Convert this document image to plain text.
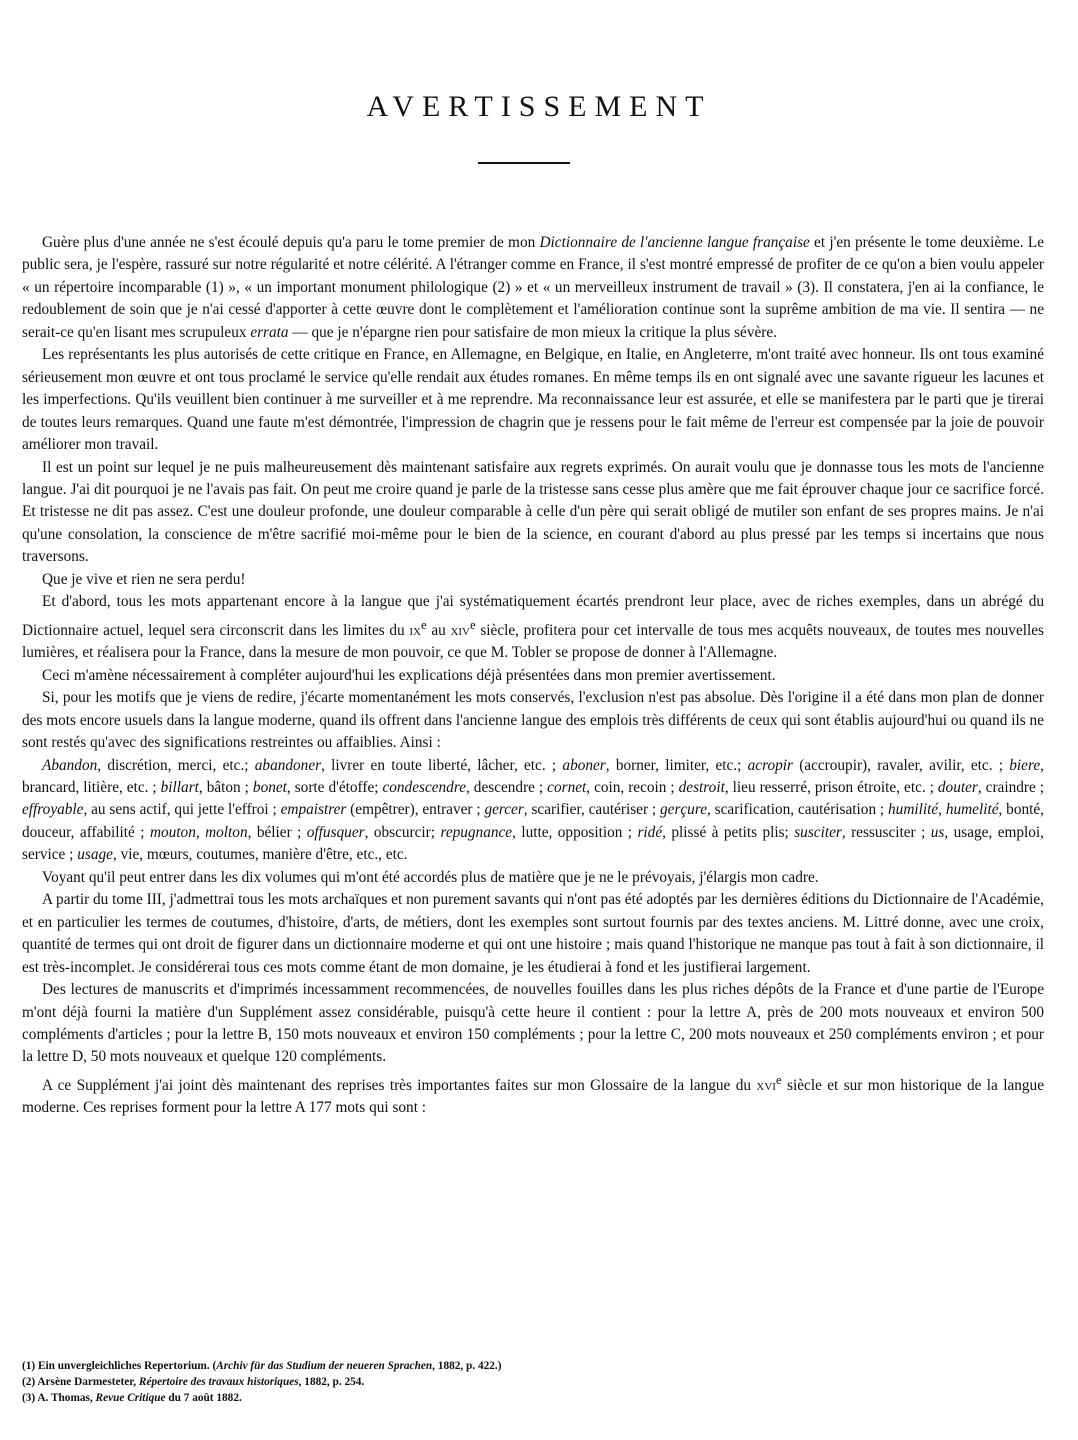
AVERTISSEMENT

Guère plus d'une année ne s'est écoulé depuis qu'a paru le tome premier de mon Dictionnaire de l'ancienne langue française et j'en présente le tome deuxième. Le public sera, je l'espère, rassuré sur notre régularité et notre célérité. A l'étranger comme en France, il s'est montré empressé de profiter de ce qu'on a bien voulu appeler « un répertoire incomparable (1) », « un important monument philologique (2) » et « un merveilleux instrument de travail » (3). Il constatera, j'en ai la confiance, le redoublement de soin que je n'ai cessé d'apporter à cette œuvre dont le complètement et l'amélioration continue sont la suprême ambition de ma vie. Il sentira — ne serait-ce qu'en lisant mes scrupuleux errata — que je n'épargne rien pour satisfaire de mon mieux la critique la plus sévère.

Les représentants les plus autorisés de cette critique en France, en Allemagne, en Belgique, en Italie, en Angleterre, m'ont traité avec honneur. Ils ont tous examiné sérieusement mon œuvre et ont tous proclamé le service qu'elle rendait aux études romanes. En même temps ils en ont signalé avec une savante rigueur les lacunes et les imperfections. Qu'ils veuillent bien continuer à me surveiller et à me reprendre. Ma reconnaissance leur est assurée, et elle se manifestera par le parti que je tirerai de toutes leurs remarques. Quand une faute m'est démontrée, l'impression de chagrin que je ressens pour le fait même de l'erreur est compensée par la joie de pouvoir améliorer mon travail.

Il est un point sur lequel je ne puis malheureusement dès maintenant satisfaire aux regrets exprimés. On aurait voulu que je donnasse tous les mots de l'ancienne langue. J'ai dit pourquoi je ne l'avais pas fait. On peut me croire quand je parle de la tristesse sans cesse plus amère que me fait éprouver chaque jour ce sacrifice forcé. Et tristesse ne dit pas assez. C'est une douleur profonde, une douleur comparable à celle d'un père qui serait obligé de mutiler son enfant de ses propres mains. Je n'ai qu'une consolation, la conscience de m'être sacrifié moi-même pour le bien de la science, en courant d'abord au plus pressé par les temps si incertains que nous traversons.

Que je vive et rien ne sera perdu!

Et d'abord, tous les mots appartenant encore à la langue que j'ai systématiquement écartés prendront leur place, avec de riches exemples, dans un abrégé du Dictionnaire actuel, lequel sera circonscrit dans les limites du $ix^e$ au xiv$^e$ siècle, profitera pour cet intervalle de tous mes acquêts nouveaux, de toutes mes nouvelles lumières, et réalisera pour la France, dans la mesure de mon pouvoir, ce que M. Tobler se propose de donner à l'Allemagne.

Ceci m'amène nécessairement à compléter aujourd'hui les explications déjà présentées dans mon premier avertissement.

Si, pour les motifs que je viens de redire, j'écarte momentanément les mots conservés, l'exclusion n'est pas absolue. Dès l'origine il a été dans mon plan de donner des mots encore usuels dans la langue moderne, quand ils offrent dans l'ancienne langue des emplois très différents de ceux qui sont établis aujourd'hui ou quand ils ne sont restés qu'avec des significations restreintes ou affaiblies. Ainsi :

Abandon, discrétion, merci, etc.; abandoner, livrer en toute liberté, lâcher, etc. ; aboner, borner, limiter, etc.; acropir (accroupir), ravaler, avilir, etc. ; biere, brancard, litière, etc. ; billart, bâton ; bonet, sorte d'étoffe; condescendre, descendre ; cornet, coin, recoin ; destroit, lieu resserré, prison étroite, etc. ; douter, craindre ; effroyable, au sens actif, qui jette l'effroi ; empaistrer (empêtrer), entraver ; gercer, scarifier, cautériser ; gerçure, scarification, cautérisation ; humilité, humelité, bonté, douceur, affabilité ; mouton, molton, bélier ; offusquer, obscurcir; repugnance, lutte, opposition ; ridé, plissé à petits plis; susciter, ressusciter ; us, usage, emploi, service ; usage, vie, mœurs, coutumes, manière d'être, etc., etc.

Voyant qu'il peut entrer dans les dix volumes qui m'ont été accordés plus de matière que je ne le prévoyais, j'élargis mon cadre.

A partir du tome III, j'admettrai tous les mots archaïques et non purement savants qui n'ont pas été adoptés par les dernières éditions du Dictionnaire de l'Académie, et en particulier les termes de coutumes, d'histoire, d'arts, de métiers, dont les exemples sont surtout fournis par des textes anciens. M. Littré donne, avec une croix, quantité de termes qui ont droit de figurer dans un dictionnaire moderne et qui ont une histoire ; mais quand l'historique ne manque pas tout à fait à son dictionnaire, il est très-incomplet. Je considérerai tous ces mots comme étant de mon domaine, je les étudierai à fond et les justifierai largement.

Des lectures de manuscrits et d'imprimés incessamment recommencées, de nouvelles fouilles dans les plus riches dépôts de la France et d'une partie de l'Europe m'ont déjà fourni la matière d'un Supplément assez considérable, puisqu'à cette heure il contient : pour la lettre A, près de 200 mots nouveaux et environ 500 compléments d'articles ; pour la lettre B, 150 mots nouveaux et environ 150 compléments ; pour la lettre C, 200 mots nouveaux et 250 compléments environ ; et pour la lettre D, 50 mots nouveaux et quelque 120 compléments.

A ce Supplément j'ai joint dès maintenant des reprises très importantes faites sur mon Glossaire de la langue du xvi$^e$ siècle et sur mon historique de la langue moderne. Ces reprises forment pour la lettre A 177 mots qui sont :

(1) Ein unvergleichliches Repertorium. (Archiv für das Studium der neueren Sprachen, 1882, p. 422.)
(2) Arsène Darmesteter, Répertoire des travaux historiques, 1882, p. 254.
(3) A. Thomas, Revue Critique du 7 août 1882.
